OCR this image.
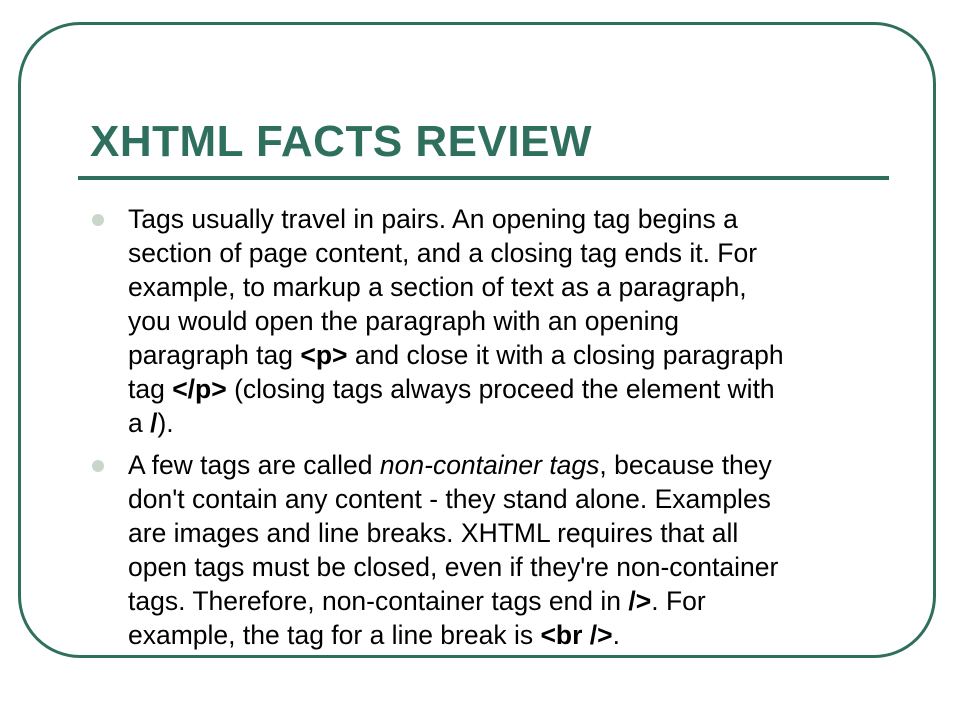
XHTML FACTS REVIEW
Tags usually travel in pairs. An opening tag begins a
section of page content, and a closing tag ends it. For
example, to markup a section of text as a paragraph,
you would open the paragraph with an opening
paragraph tag <p> and close it with a closing paragraph
tag </p> (closing tags always proceed the element with
a /).
A few tags are called non-container tags, because they
don't contain any content - they stand alone. Examples
are images and line breaks. XHTML requires that all
open tags must be closed, even if they're non-container
tags. Therefore, non-container tags end in />. For
example, the tag for a line break is <br />.
